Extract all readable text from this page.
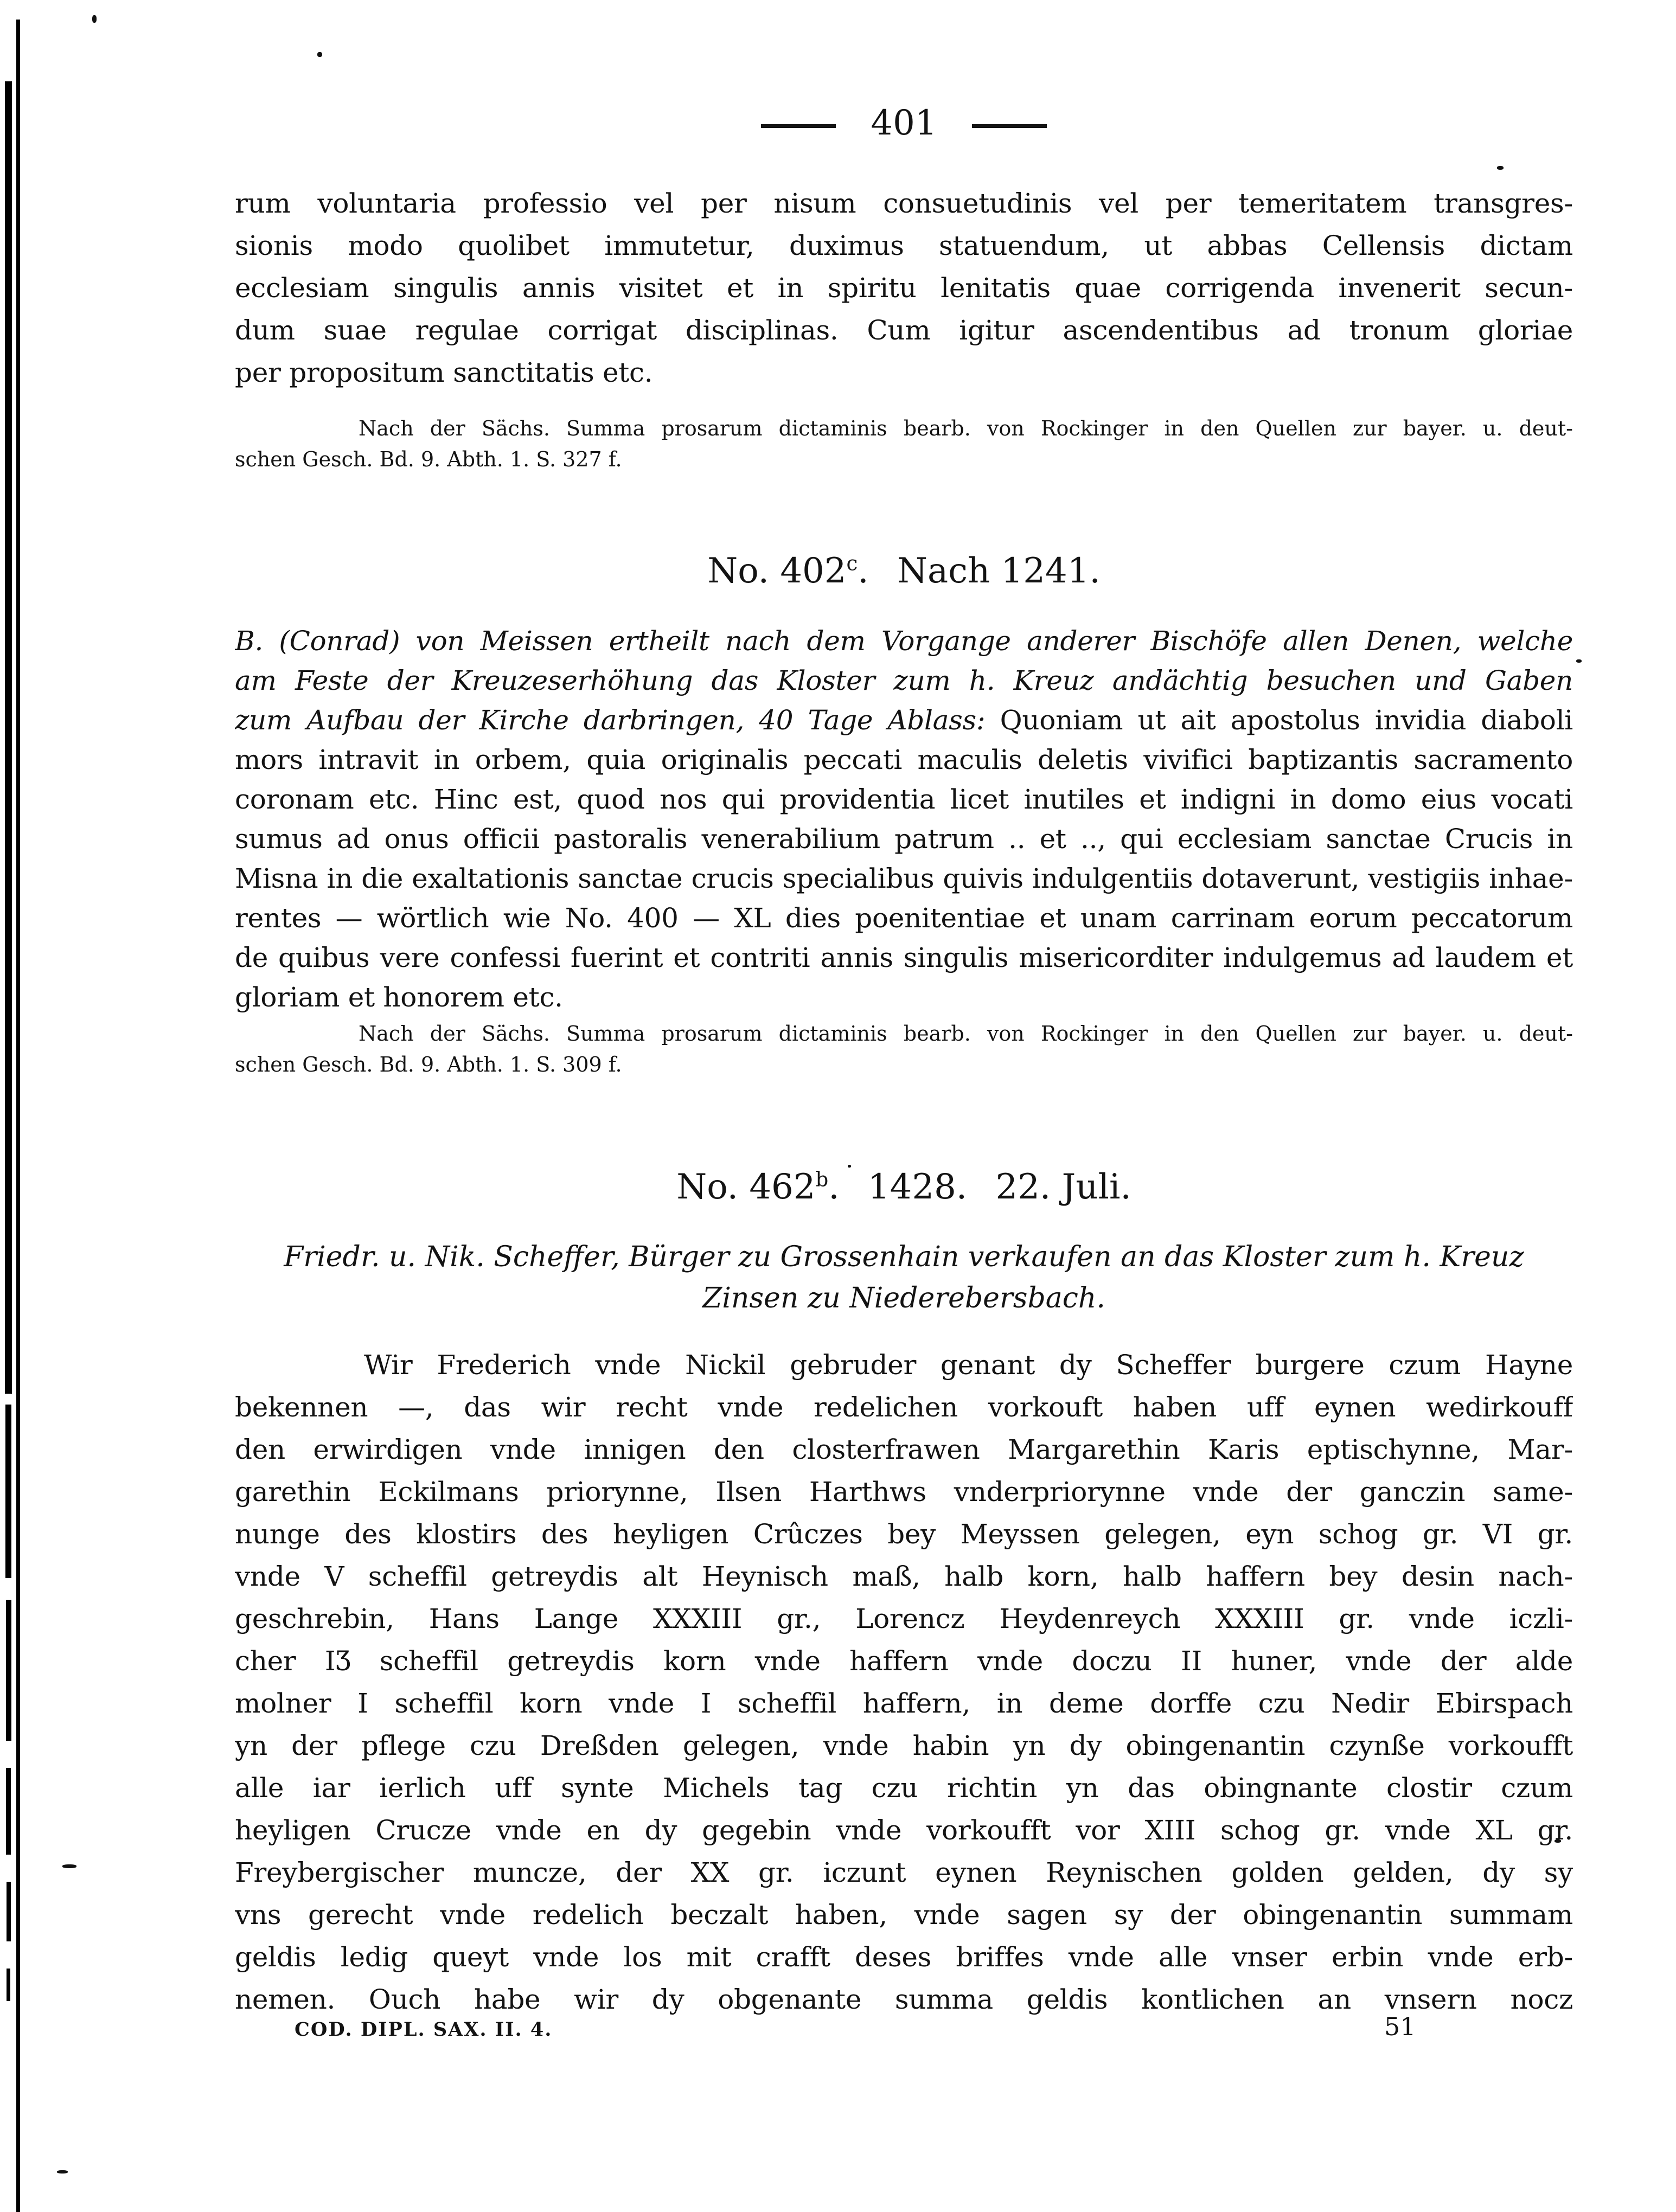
401
rum voluntaria professio vel per nisum consuetudinis vel per temeritatem transgres-
sionis modo quolibet immutetur, duximus statuendum, ut abbas Cellensis dictam
ecclesiam singulis annis visitet et in spiritu lenitatis quae corrigenda invenerit secun-
dum suae regulae corrigat disciplinas. Cum igitur ascendentibus ad tronum gloriae
per propositum sanctitatis etc.
Nach der Sächs. Summa prosarum dictaminis bearb. von Rockinger in den Quellen zur bayer. u. deut-
schen Gesch. Bd. 9. Abth. 1. S. 327 f.
No. 402$^c$.  Nach 1241.
B. (Conrad) von Meissen ertheilt nach dem Vorgange anderer Bischöfe allen Denen, welche
am Feste der Kreuzeserhöhung das Kloster zum h. Kreuz andächtig besuchen und Gaben
zum Aufbau der Kirche darbringen, 40 Tage Ablass: Quoniam ut ait apostolus invidia diaboli
mors intravit in orbem, quia originalis peccati maculis deletis vivifici baptizantis sacramento
coronam etc. Hinc est, quod nos qui providentia licet inutiles et indigni in domo eius vocati
sumus ad onus officii pastoralis venerabilium patrum .. et .., qui ecclesiam sanctae Crucis in
Misna in die exaltationis sanctae crucis specialibus quivis indulgentiis dotaverunt, vestigiis inhae-
rentes — wörtlich wie No. 400 — XL dies poenitentiae et unam carrinam eorum peccatorum
de quibus vere confessi fuerint et contriti annis singulis misericorditer indulgemus ad laudem et
gloriam et honorem etc.
Nach der Sächs. Summa prosarum dictaminis bearb. von Rockinger in den Quellen zur bayer. u. deut-
schen Gesch. Bd. 9. Abth. 1. S. 309 f.
No. 462$^b$.  1428.  22. Juli.
Friedr. u. Nik. Scheffer, Bürger zu Grossenhain verkaufen an das Kloster zum h. Kreuz
Zinsen zu Niederebersbach.
Wir Frederich vnde Nickil gebruder genant dy Scheffer burgere czum Hayne
bekennen —, das wir recht vnde redelichen vorkouft haben uff eynen wedirkouff
den erwirdigen vnde innigen den closterfrawen Margarethin Karis eptischynne, Mar-
garethin Eckilmans priorynne, Ilsen Harthws vnderpriorynne vnde der ganczin same-
nunge des klostirs des heyligen Crûczes bey Meyssen gelegen, eyn schog gr. VI gr.
vnde V scheffil getreydis alt Heynisch maß, halb korn, halb haffern bey desin nach-
geschrebin, Hans Lange XXXIII gr., Lorencz Heydenreych XXXIII gr. vnde iczli-
cher IƷ scheffil getreydis korn vnde haffern vnde doczu II huner, vnde der alde
molner I scheffil korn vnde I scheffil haffern, in deme dorffe czu Nedir Ebirspach
yn der pflege czu Dreßden gelegen, vnde habin yn dy obingenantin czynße vorkoufft
alle iar ierlich uff synte Michels tag czu richtin yn das obingnante clostir czum
heyligen Crucze vnde en dy gegebin vnde vorkoufft vor XIII schog gr. vnde XL gr.
Freybergischer muncze, der XX gr. iczunt eynen Reynischen golden gelden, dy sy
vns gerecht vnde redelich beczalt haben, vnde sagen sy der obingenantin summam
geldis ledig queyt vnde los mit crafft deses briffes vnde alle vnser erbin vnde erb-
nemen. Ouch habe wir dy obgenante summa geldis kontlichen an vnsern nocz
COD. DIPL. SAX. II. 4.	51
